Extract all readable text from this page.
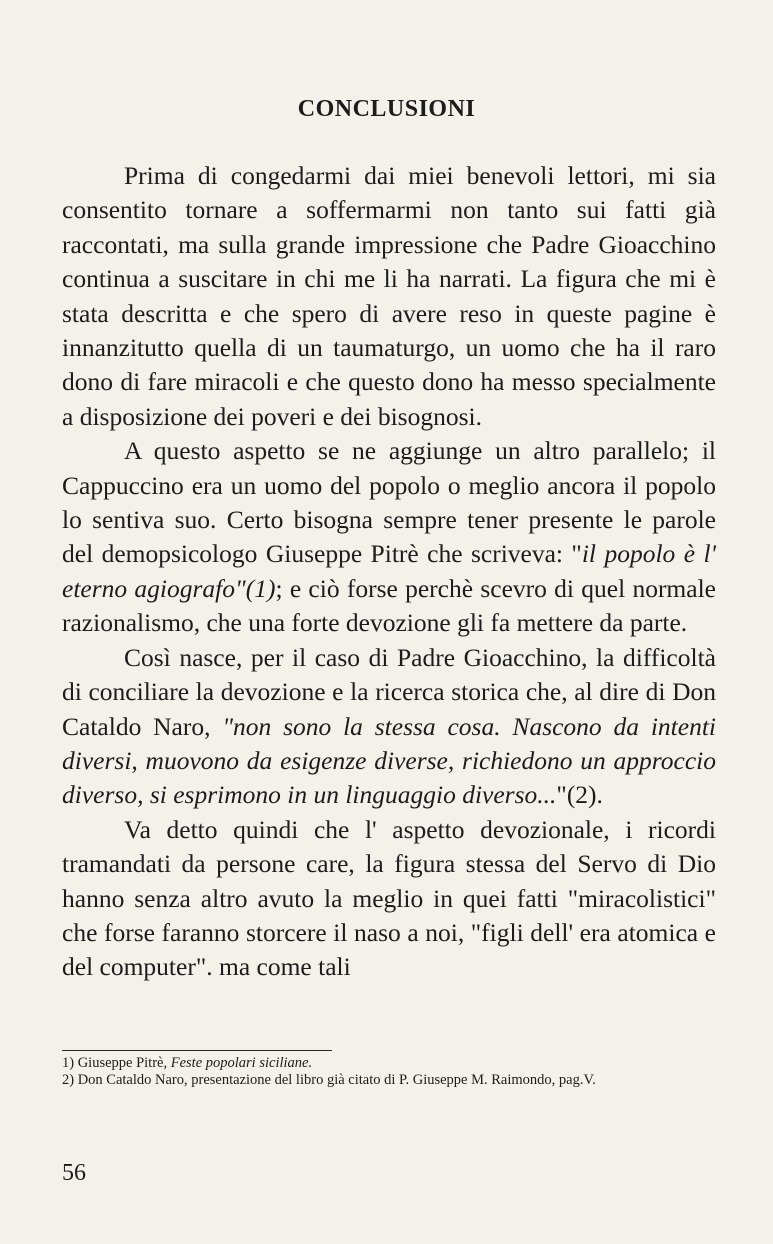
CONCLUSIONI

Prima di congedarmi dai miei benevoli lettori, mi sia consentito tornare a soffermarmi non tanto sui fatti già raccontati, ma sulla grande impressione che Padre Gioacchino continua a suscitare in chi me li ha narrati. La figura che mi è stata descritta e che spero di avere reso in queste pagine è innanzitutto quella di un taumaturgo, un uomo che ha il raro dono di fare miracoli e che questo dono ha messo specialmente a disposizione dei poveri e dei bisognosi.

A questo aspetto se ne aggiunge un altro parallelo; il Cappuccino era un uomo del popolo o meglio ancora il popolo lo sentiva suo. Certo bisogna sempre tener presente le parole del demopsicologo Giuseppe Pitrè che scriveva: "il popolo è l' eterno agiografo"(1); e ciò forse perchè scevro di quel normale razionalismo, che una forte devozione gli fa mettere da parte.

Così nasce, per il caso di Padre Gioacchino, la difficoltà di conciliare la devozione e la ricerca storica che, al dire di Don Cataldo Naro, "non sono la stessa cosa. Nascono da intenti diversi, muovono da esigenze diverse, richiedono un approccio diverso, si esprimono in un linguaggio diverso..."(2).

Va detto quindi che l' aspetto devozionale, i ricordi tramandati da persone care, la figura stessa del Servo di Dio hanno senza altro avuto la meglio in quei fatti "miracolistici" che forse faranno storcere il naso a noi, "figli dell' era atomica e del computer". ma come tali

1) Giuseppe Pitrè, Feste popolari siciliane.

2) Don Cataldo Naro, presentazione del libro già citato di P. Giuseppe M. Raimondo, pag.V.

56
